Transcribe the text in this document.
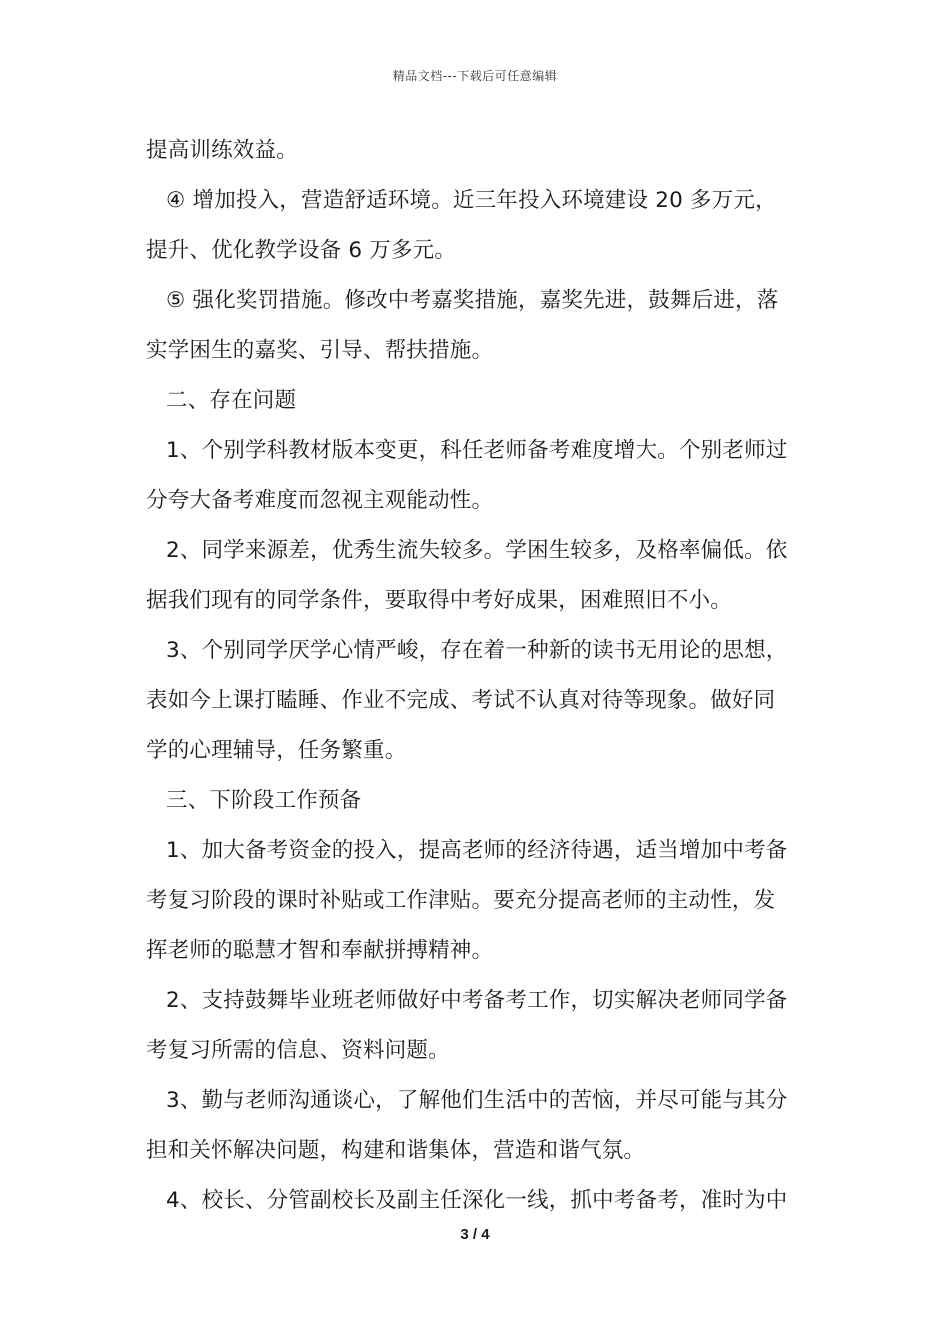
精品文档---下载后可任意编辑
提高训练效益。
④ 增加投入，营造舒适环境。近三年投入环境建设 20 多万元，
提升、优化教学设备 6 万多元。
⑤ 强化奖罚措施。修改中考嘉奖措施，嘉奖先进，鼓舞后进，落
实学困生的嘉奖、引导、帮扶措施。
二、存在问题
1、个别学科教材版本变更，科任老师备考难度增大。个别老师过
分夸大备考难度而忽视主观能动性。
2、同学来源差，优秀生流失较多。学困生较多，及格率偏低。依
据我们现有的同学条件，要取得中考好成果，困难照旧不小。
3、个别同学厌学心情严峻，存在着一种新的读书无用论的思想，
表如今上课打瞌睡、作业不完成、考试不认真对待等现象。做好同
学的心理辅导，任务繁重。
三、下阶段工作预备
1、加大备考资金的投入，提高老师的经济待遇，适当增加中考备
考复习阶段的课时补贴或工作津贴。要充分提高老师的主动性，发
挥老师的聪慧才智和奉献拼搏精神。
2、支持鼓舞毕业班老师做好中考备考工作，切实解决老师同学备
考复习所需的信息、资料问题。
3、勤与老师沟通谈心，了解他们生活中的苦恼，并尽可能与其分
担和关怀解决问题，构建和谐集体，营造和谐气氛。
4、校长、分管副校长及副主任深化一线，抓中考备考，准时为中
3 / 4
